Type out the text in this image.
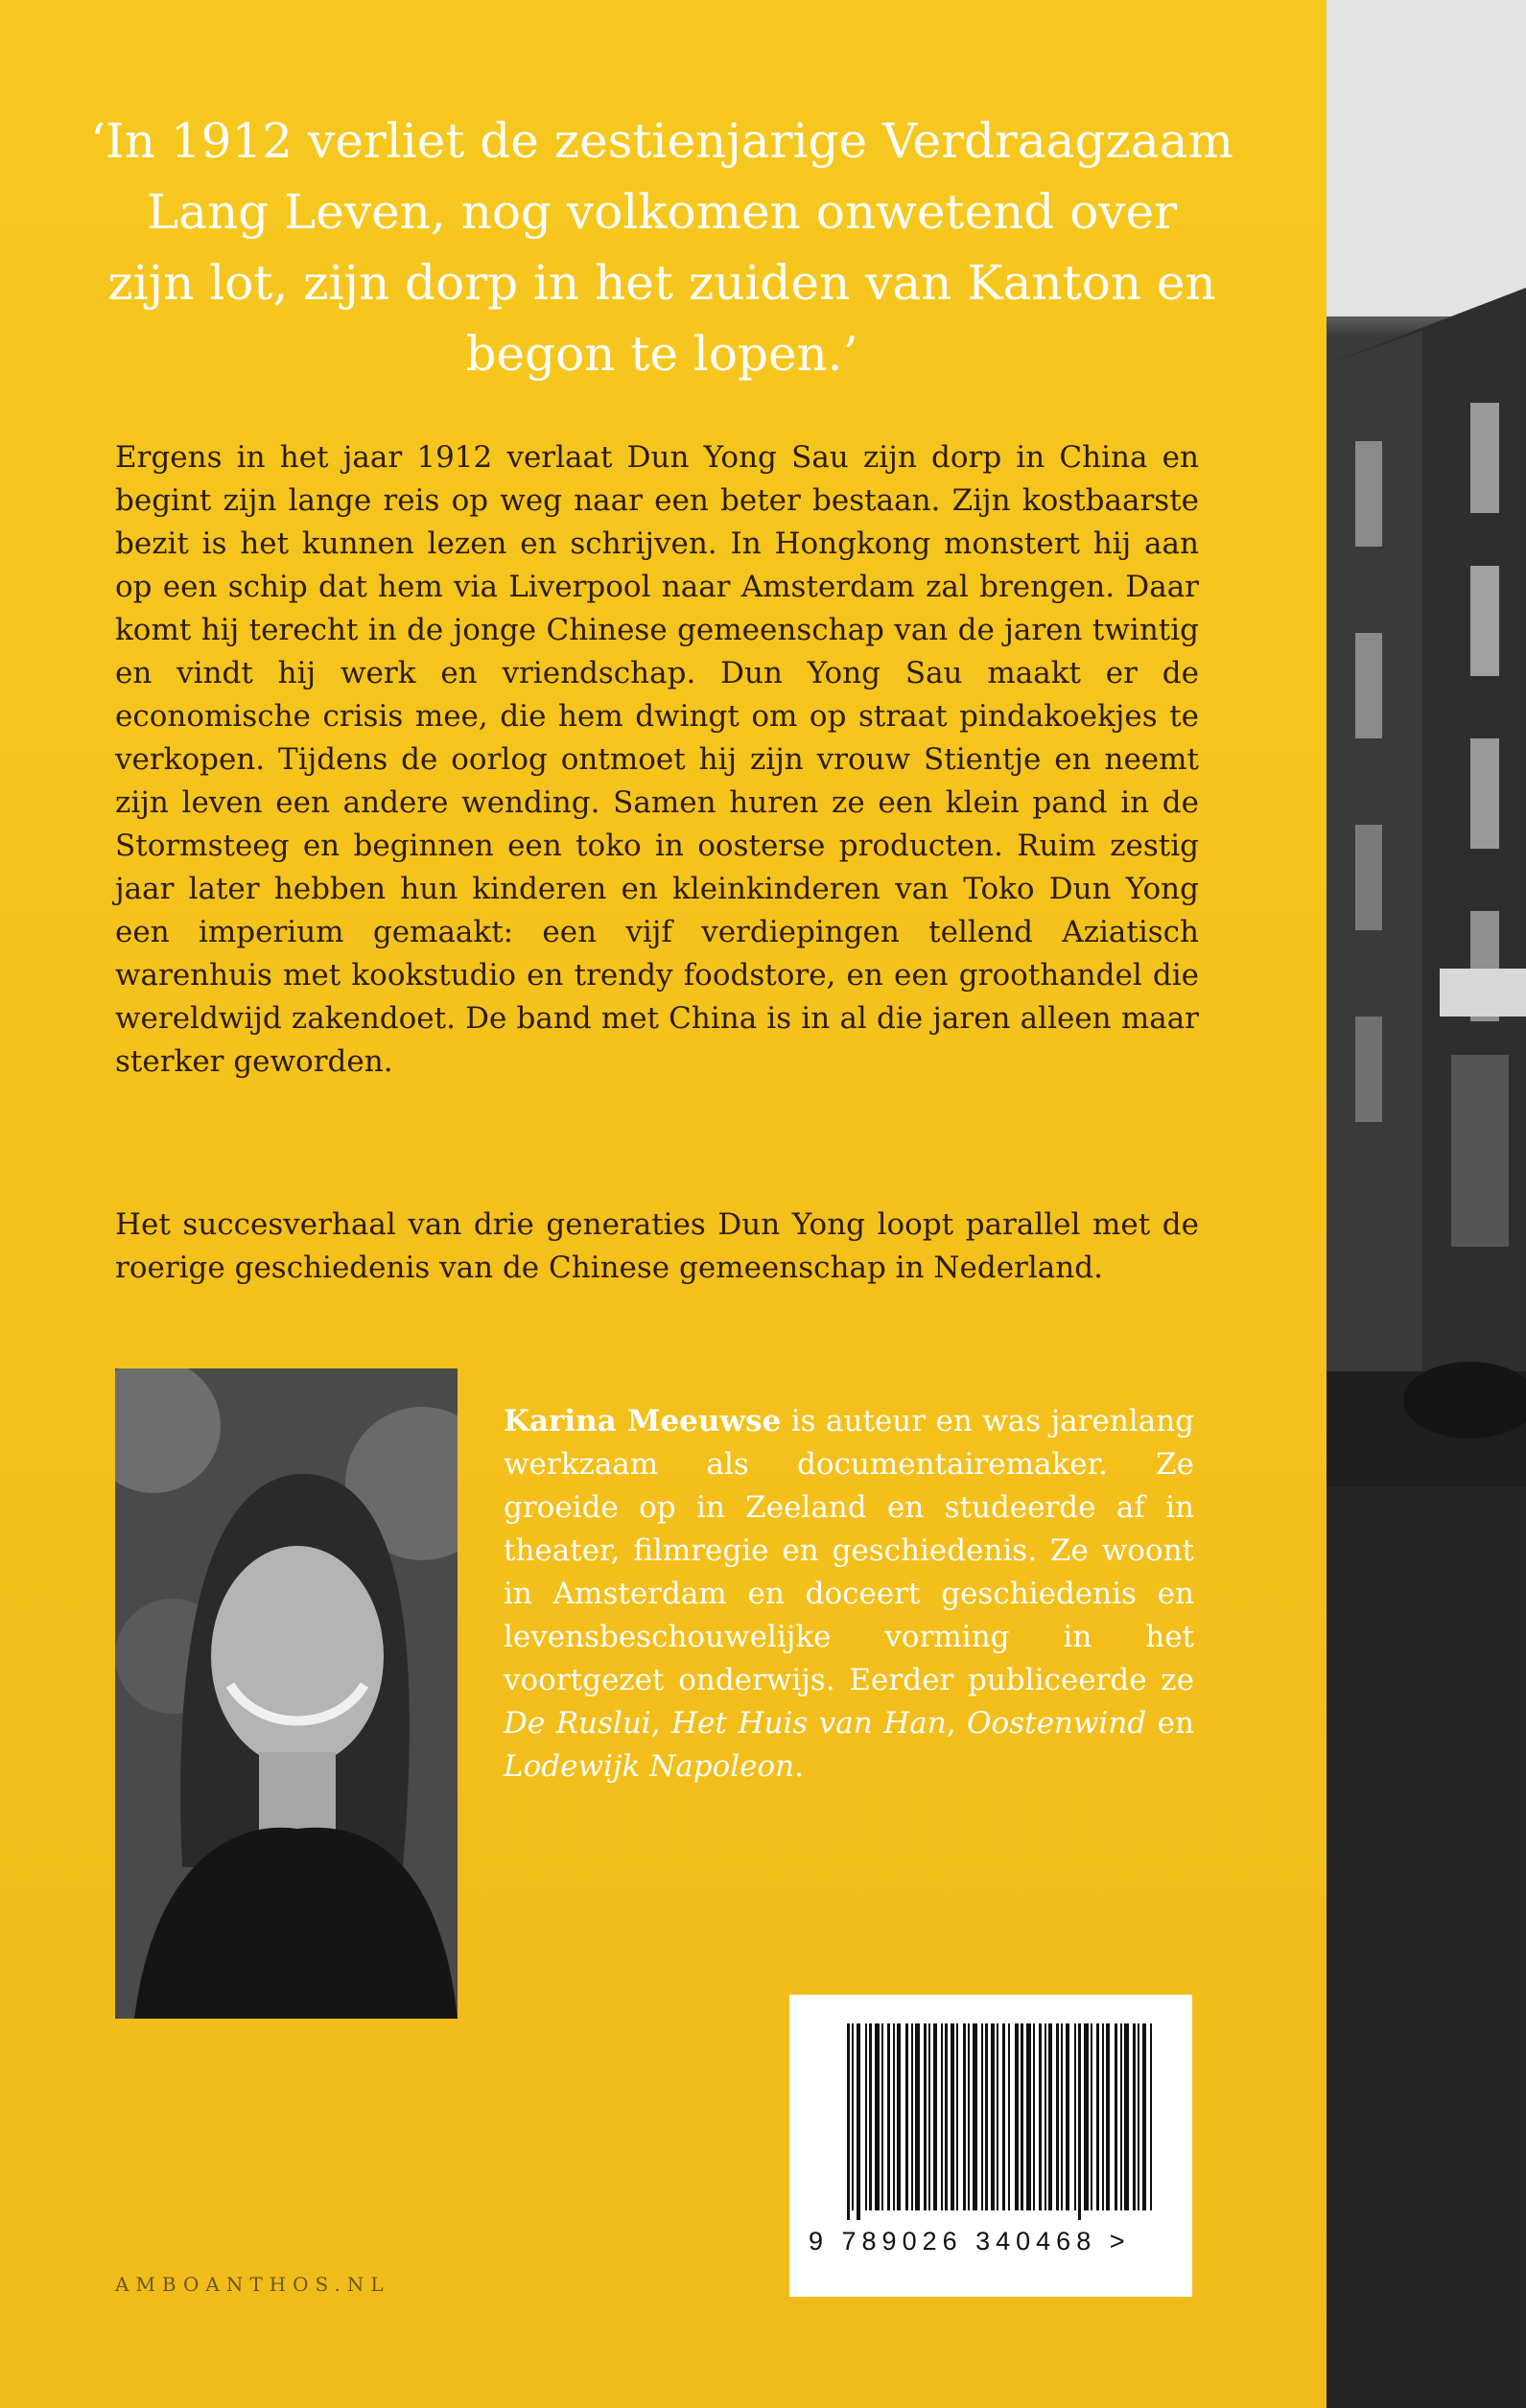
‘In 1912 verliet de zestienjarige Verdraagzaam
Lang Leven, nog volkomen onwetend over
zijn lot, zijn dorp in het zuiden van Kanton en
begon te lopen.’
Ergens in het jaar 1912 verlaat Dun Yong Sau zijn dorp in China en begint zijn lange reis op weg naar een beter bestaan. Zijn kostbaarste bezit is het kunnen lezen en schrijven. In Hongkong monstert hij aan op een schip dat hem via Liverpool naar Amsterdam zal brengen. Daar komt hij terecht in de jonge Chinese gemeenschap van de jaren twintig en vindt hij werk en vriendschap. Dun Yong Sau maakt er de economische crisis mee, die hem dwingt om op straat pindakoekjes te verkopen. Tijdens de oorlog ontmoet hij zijn vrouw Stientje en neemt zijn leven een andere wending. Samen huren ze een klein pand in de Stormsteeg en beginnen een toko in oosterse producten. Ruim zestig jaar later hebben hun kinderen en kleinkinderen van Toko Dun Yong een imperium gemaakt: een vijf verdiepingen tellend Aziatisch warenhuis met kookstudio en trendy foodstore, en een groothandel die wereldwijd zakendoet. De band met China is in al die jaren alleen maar sterker geworden.
Het succesverhaal van drie generaties Dun Yong loopt parallel met de roerige geschiedenis van de Chinese gemeenschap in Nederland.
Karina Meeuwse is auteur en was jarenlang werkzaam als documentairemaker. Ze groeide op in Zeeland en studeerde af in theater, filmregie en geschiedenis. Ze woont in Amsterdam en doceert geschiedenis en levensbeschouwelijke vorming in het voortgezet onderwijs. Eerder publiceerde ze De Ruslui, Het Huis van Han, Oostenwind en Lodewijk Napoleon.
9 789026 340468 >
AMBOANTHOS.NL
